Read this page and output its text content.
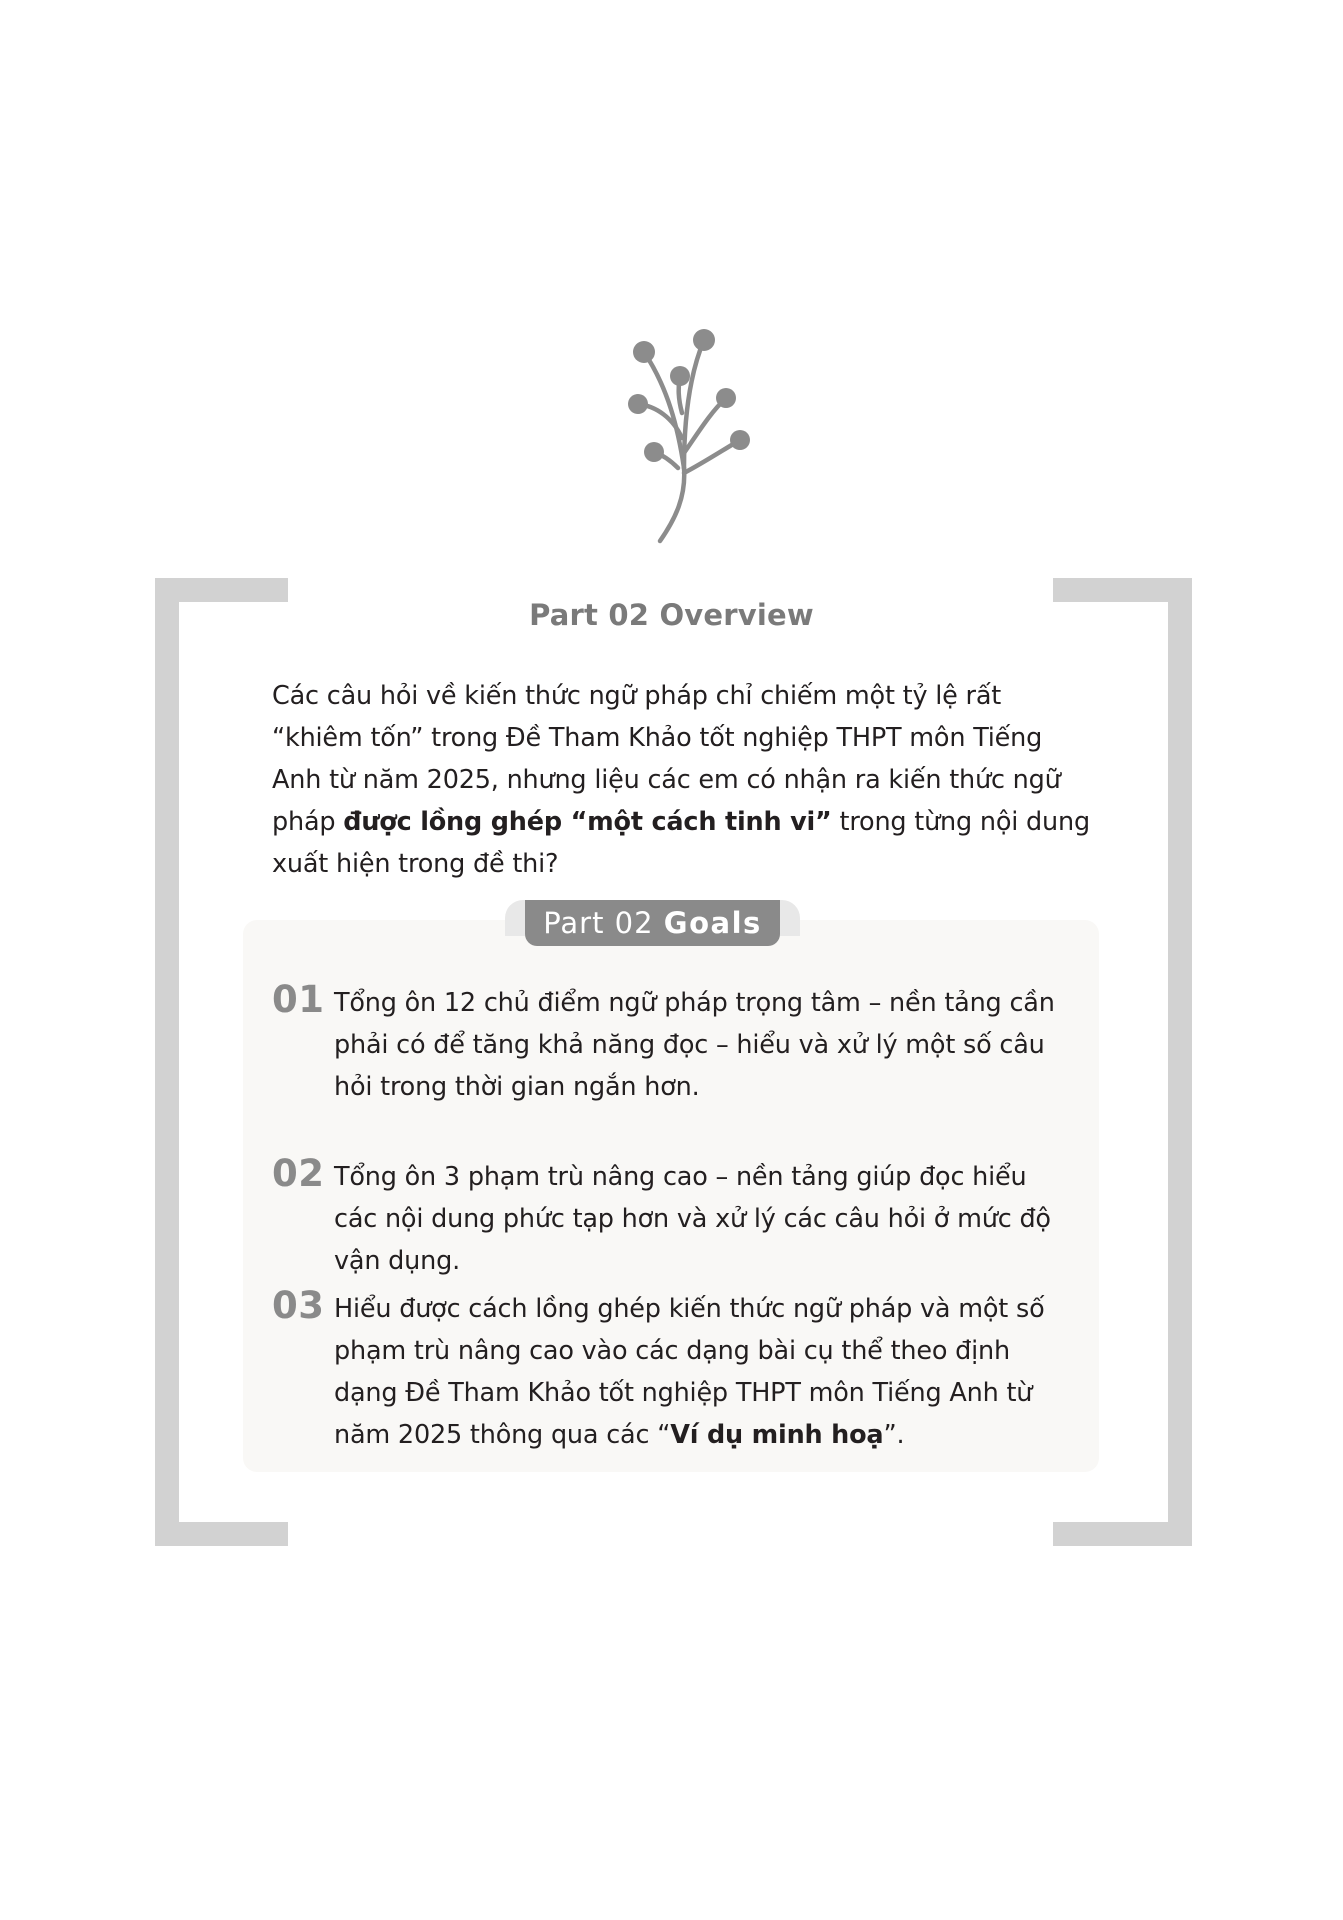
Part 02 Overview
Các câu hỏi về kiến thức ngữ pháp chỉ chiếm một tỷ lệ rất “khiêm tốn” trong Đề Tham Khảo tốt nghiệp THPT môn Tiếng Anh từ năm 2025, nhưng liệu các em có nhận ra kiến thức ngữ pháp được lồng ghép “một cách tinh vi” trong từng nội dung xuất hiện trong đề thi?
Part 02 Goals
01 Tổng ôn 12 chủ điểm ngữ pháp trọng tâm – nền tảng cần phải có để tăng khả năng đọc – hiểu và xử lý một số câu hỏi trong thời gian ngắn hơn.
02 Tổng ôn 3 phạm trù nâng cao – nền tảng giúp đọc hiểu các nội dung phức tạp hơn và xử lý các câu hỏi ở mức độ vận dụng.
03 Hiểu được cách lồng ghép kiến thức ngữ pháp và một số phạm trù nâng cao vào các dạng bài cụ thể theo định dạng Đề Tham Khảo tốt nghiệp THPT môn Tiếng Anh từ năm 2025 thông qua các “Ví dụ minh hoạ”.
